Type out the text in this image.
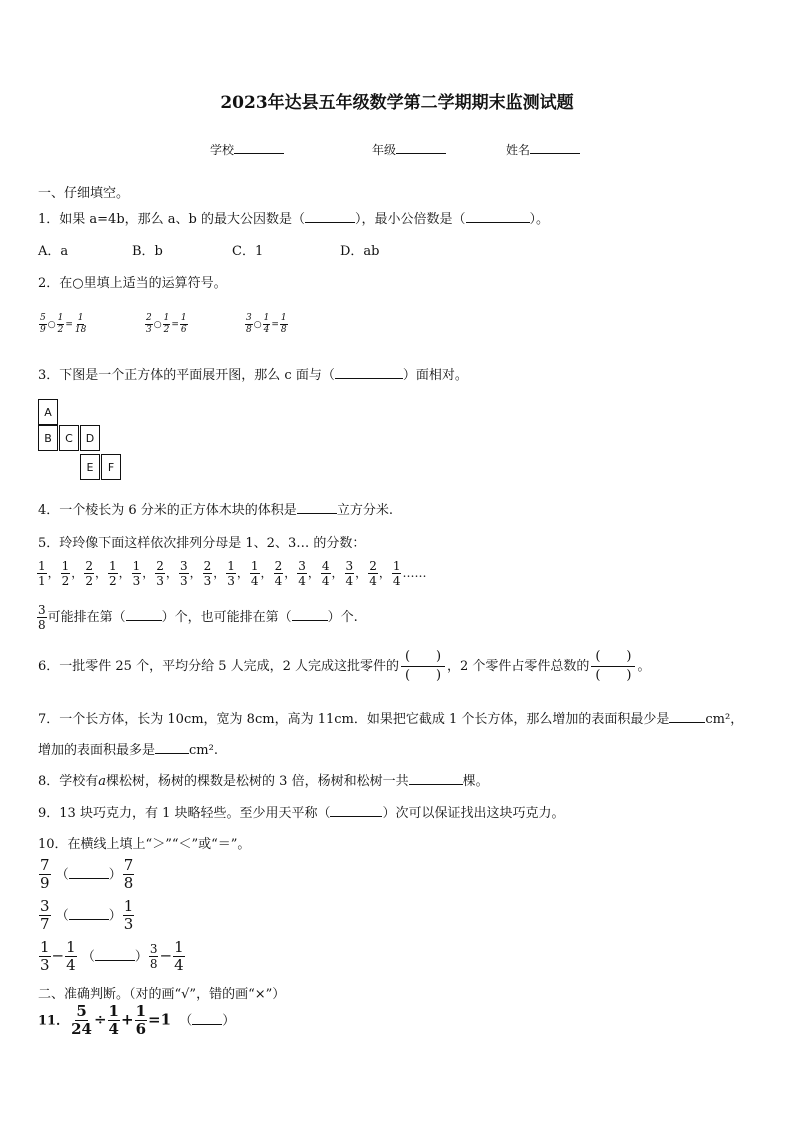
2023年达县五年级数学第二学期期末监测试题
学校	年级	姓名
一、仔细填空。
1．如果 a=4b，那么 a、b 的最大公因数是（	），最小公倍数是（	）。
A．a	B．b	C．1	D．ab
2．在○里填上适当的运算符号。
$\frac{5}{9}$ ○ $\frac{1}{2} = \frac{1}{18}$	$\frac{2}{3}$ ○ $\frac{1}{2} = \frac{1}{6}$	$\frac{3}{8}$ ○ $\frac{1}{4} = \frac{1}{8}$
3．下图是一个正方体的平面展开图，那么 c 面与（	）面相对。
A
B	C	D
E	F
4．一个棱长为 6 分米的正方体木块的体积是	立方分米.
5．玲玲像下面这样依次排列分母是 1、2、3… 的分数：
$\frac{1}{1}$ ， $\frac{1}{2}$ ， $\frac{2}{2}$ ， $\frac{1}{2}$ ， $\frac{1}{3}$ ， $\frac{2}{3}$ ， $\frac{3}{3}$ ， $\frac{2}{3}$ ， $\frac{1}{3}$ ， $\frac{1}{4}$ ， $\frac{2}{4}$ ， $\frac{3}{4}$ ， $\frac{4}{4}$ ， $\frac{3}{4}$ ， $\frac{2}{4}$ ， $\frac{1}{4}$ ……
$\frac{3}{8}$ 可能排在第（	）个，也可能排在第（	）个.
6．一批零件 25 个，平均分给 5 人完成，2 人完成这批零件的 $\frac{( )}{( )}$ ，2 个零件占零件总数的 $\frac{( )}{( )}$ 。
7．一个长方体，长为 10cm，宽为 8cm，高为 11cm．如果把它截成 1 个长方体，那么增加的表面积最少是	cm²，
增加的表面积最多是	cm².
8．学校有a棵松树，杨树的棵数是松树的 3 倍，杨树和松树一共	棵。
9．13 块巧克力，有 1 块略轻些。至少用天平称（	）次可以保证找出这块巧克力。
10．在横线上填上“＞”“＜”或“＝”。
$\frac{7}{9}$ （	） $\frac{7}{8}$
$\frac{3}{7}$ （	） $\frac{1}{3}$
$\frac{1}{3} - \frac{1}{4}$ （	） $\frac{3}{8} - \frac{1}{4}$
二、准确判断。（对的画“√”，错的画“×”）
11． $\frac{5}{24} \div \frac{1}{4} + \frac{1}{6} =1$ （ ）
